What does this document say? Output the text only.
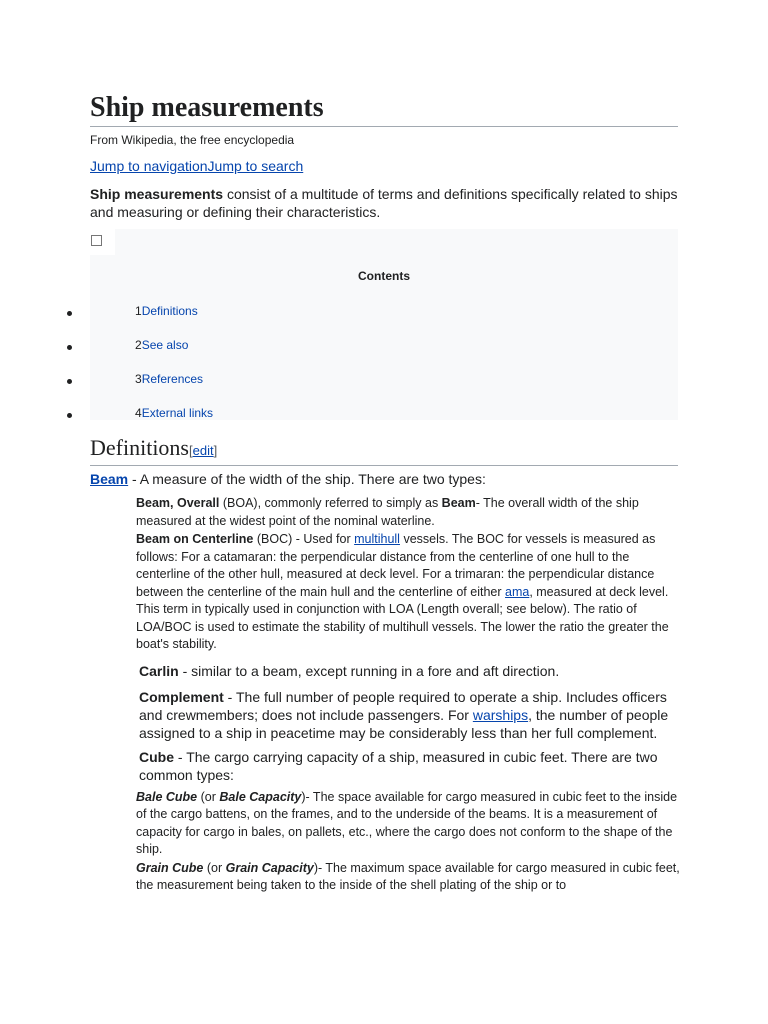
Ship measurements
From Wikipedia, the free encyclopedia
Jump to navigationJump to search
Ship measurements consist of a multitude of terms and definitions specifically related to ships and measuring or defining their characteristics.
Contents
1Definitions
2See also
3References
4External links
Definitions[edit]
Beam - A measure of the width of the ship. There are two types:
Beam, Overall (BOA), commonly referred to simply as Beam- The overall width of the ship measured at the widest point of the nominal waterline.
Beam on Centerline (BOC) - Used for multihull vessels. The BOC for vessels is measured as follows: For a catamaran: the perpendicular distance from the centerline of one hull to the centerline of the other hull, measured at deck level. For a trimaran: the perpendicular distance between the centerline of the main hull and the centerline of either ama, measured at deck level. This term in typically used in conjunction with LOA (Length overall; see below). The ratio of LOA/BOC is used to estimate the stability of multihull vessels. The lower the ratio the greater the boat's stability.
Carlin - similar to a beam, except running in a fore and aft direction.
Complement - The full number of people required to operate a ship. Includes officers and crewmembers; does not include passengers. For warships, the number of people assigned to a ship in peacetime may be considerably less than her full complement.
Cube - The cargo carrying capacity of a ship, measured in cubic feet. There are two common types:
Bale Cube (or Bale Capacity)- The space available for cargo measured in cubic feet to the inside of the cargo battens, on the frames, and to the underside of the beams. It is a measurement of capacity for cargo in bales, on pallets, etc., where the cargo does not conform to the shape of the ship.
Grain Cube (or Grain Capacity)- The maximum space available for cargo measured in cubic feet, the measurement being taken to the inside of the shell plating of the ship or to
